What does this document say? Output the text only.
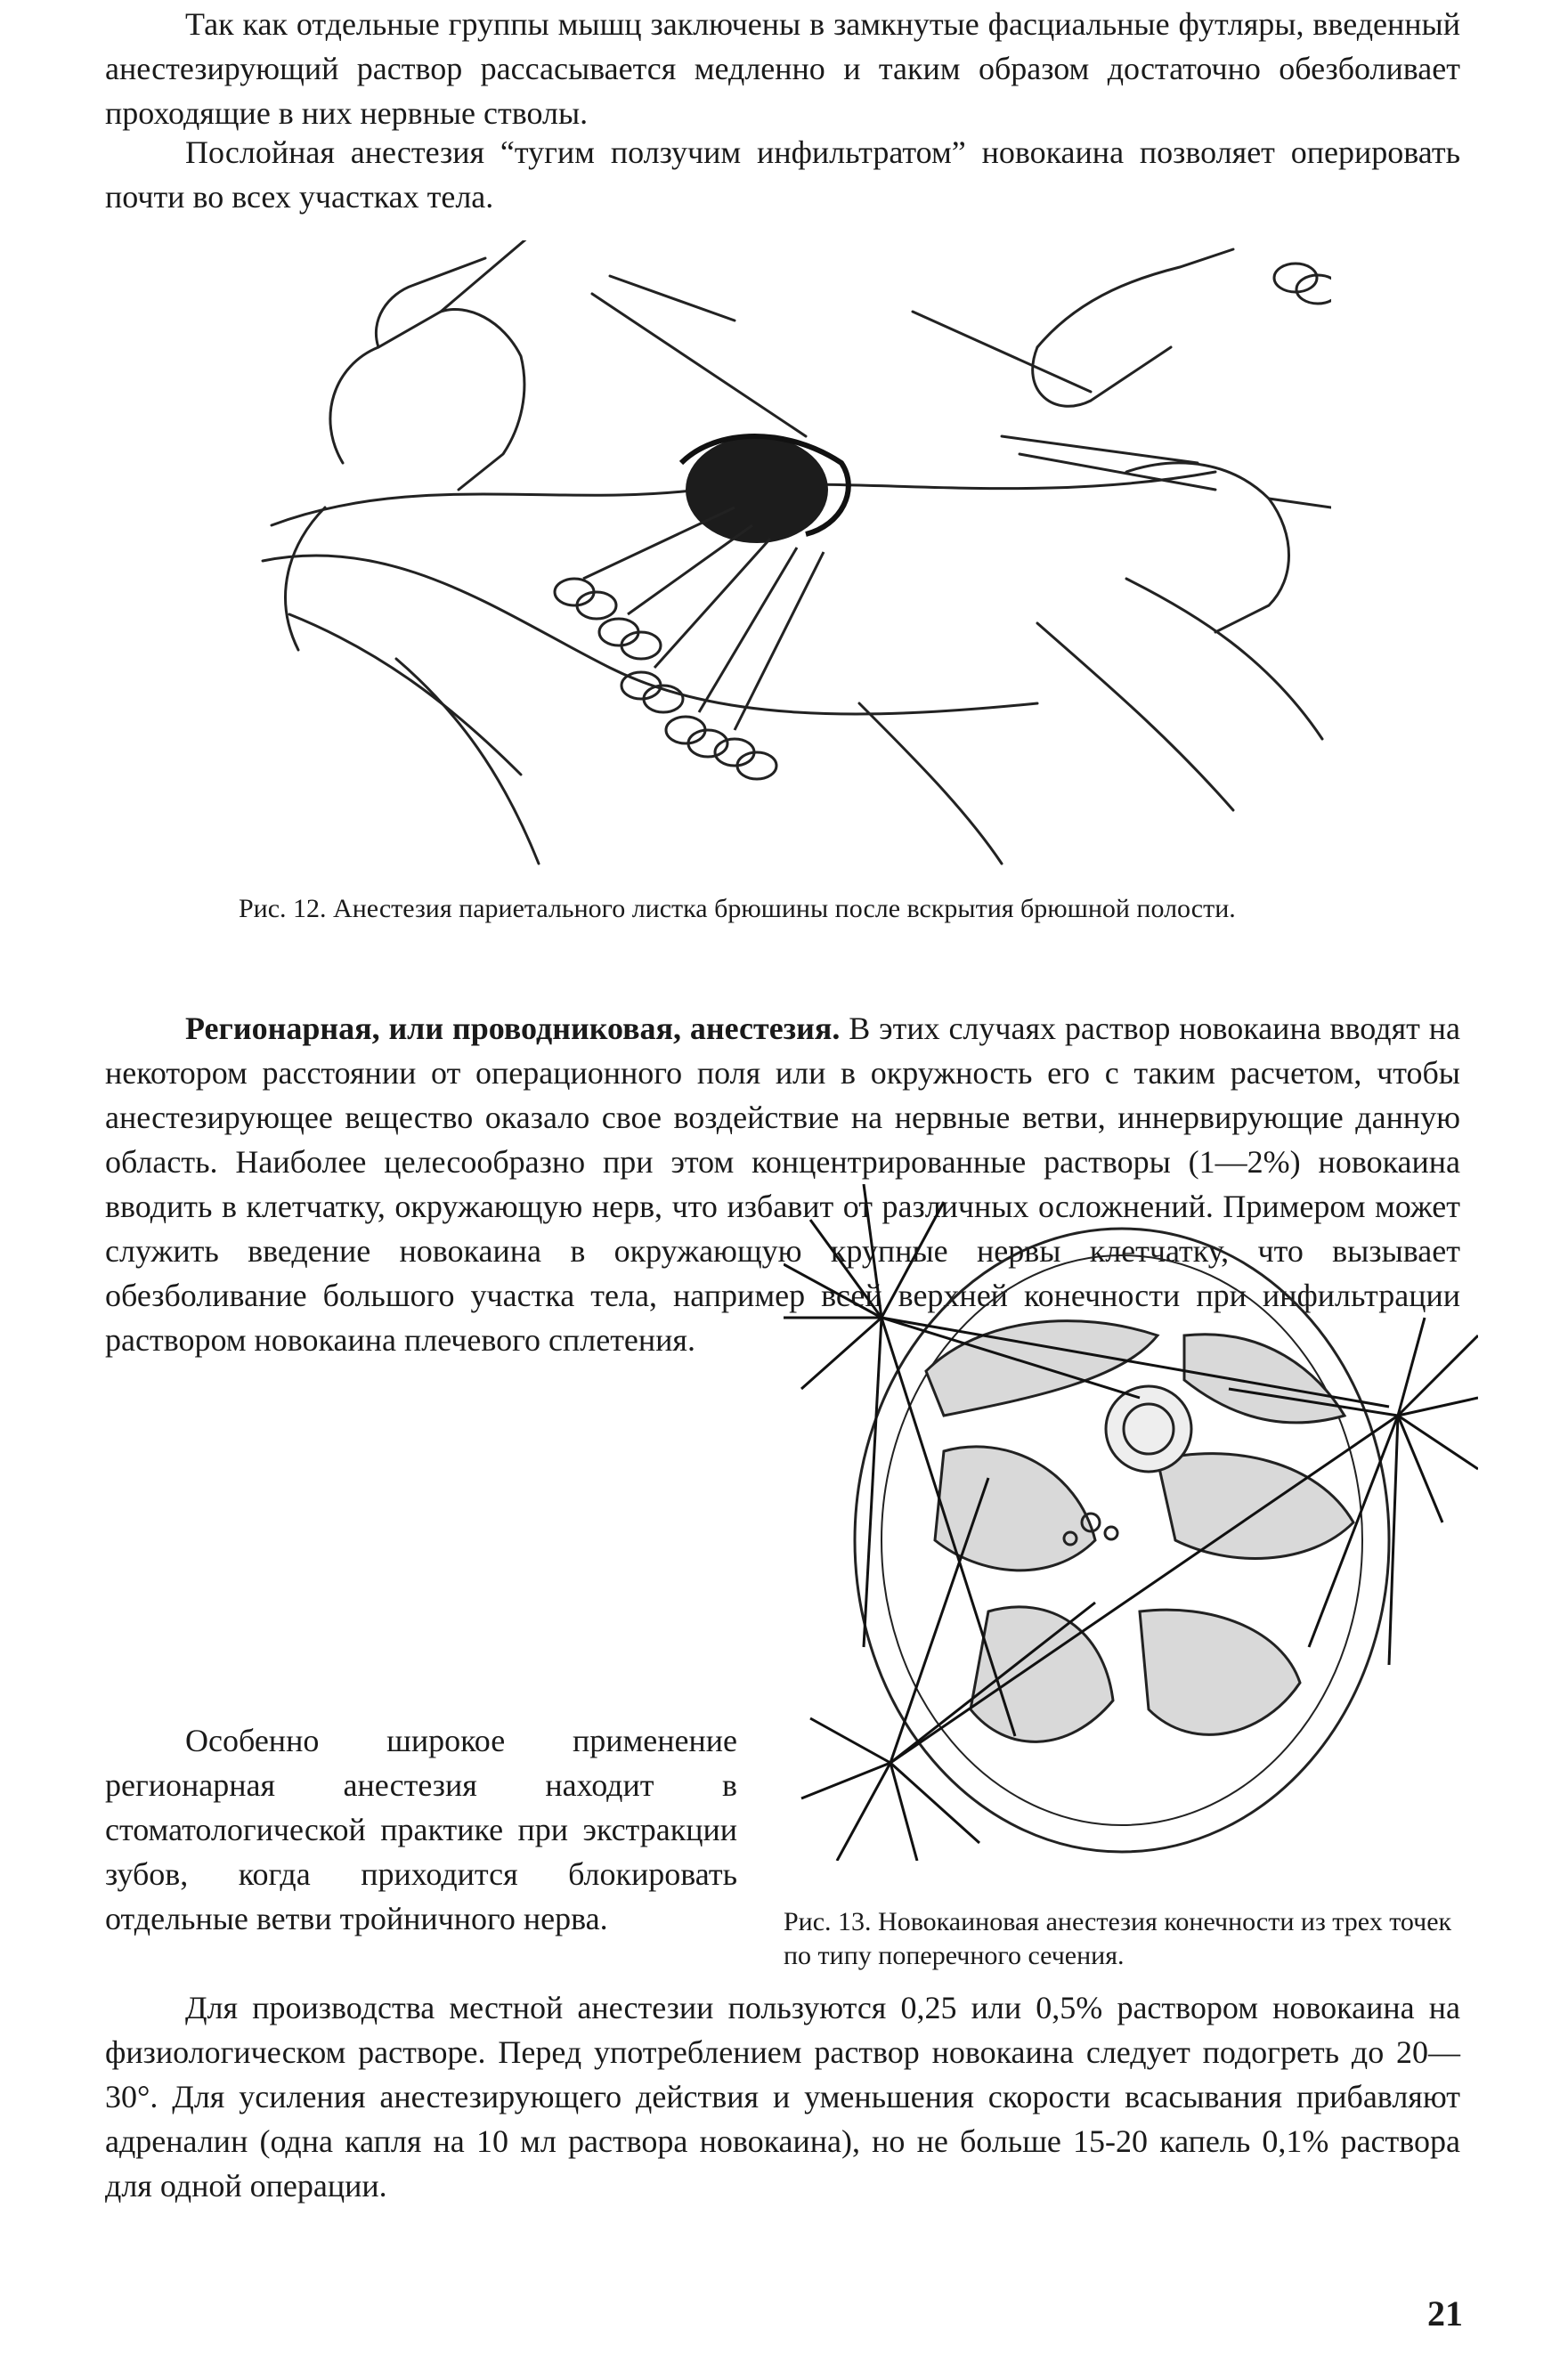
Так как отдельные группы мышц заключены в замкнутые фасциальные футляры, введенный анестезирующий раствор рассасывается медленно и таким образом достаточно обезболивает проходящие в них нервные стволы.

Послойная анестезия “тугим ползучим инфильтратом” новокаина позволяет оперировать почти во всех участках тела.

Рис. 12. Анестезия париетального листка брюшины после вскрытия брюшной полости.

Регионарная, или проводниковая, анестезия. В этих случаях раствор новокаина вводят на некотором расстоянии от операционного поля или в окружность его с таким расчетом, чтобы анестезирующее вещество оказало свое воздействие на нервные ветви, иннервирующие данную область. Наиболее целесообразно при этом концентрированные растворы (1—2%) новокаина вводить в клетчатку, окружающую нерв, что избавит от различных осложнений. Примером может служить введение новокаина в окружающую крупные нервы клетчатку, что вызывает обезболивание большого участка тела, например всей верхней конечности при инфильтрации раствором новокаина плечевого сплетения.

Особенно широкое применение регионарная анестезия находит в стоматологической практике при экстракции зубов, когда приходится блокировать отдельные ветви тройничного нерва.	Рис. 13. Новокаиновая анестезия конечности из трех точек по типу поперечного сечения.

Для производства местной анестезии пользуются 0,25 или 0,5% раствором новокаина на физиологическом растворе. Перед употреблением раствор новокаина следует подогреть до 20—30°. Для усиления анестезирующего действия и уменьшения скорости всасывания прибавляют адреналин (одна капля на 10 мл раствора новокаина), но не больше 15-20 капель 0,1% раствора для одной операции.

21
